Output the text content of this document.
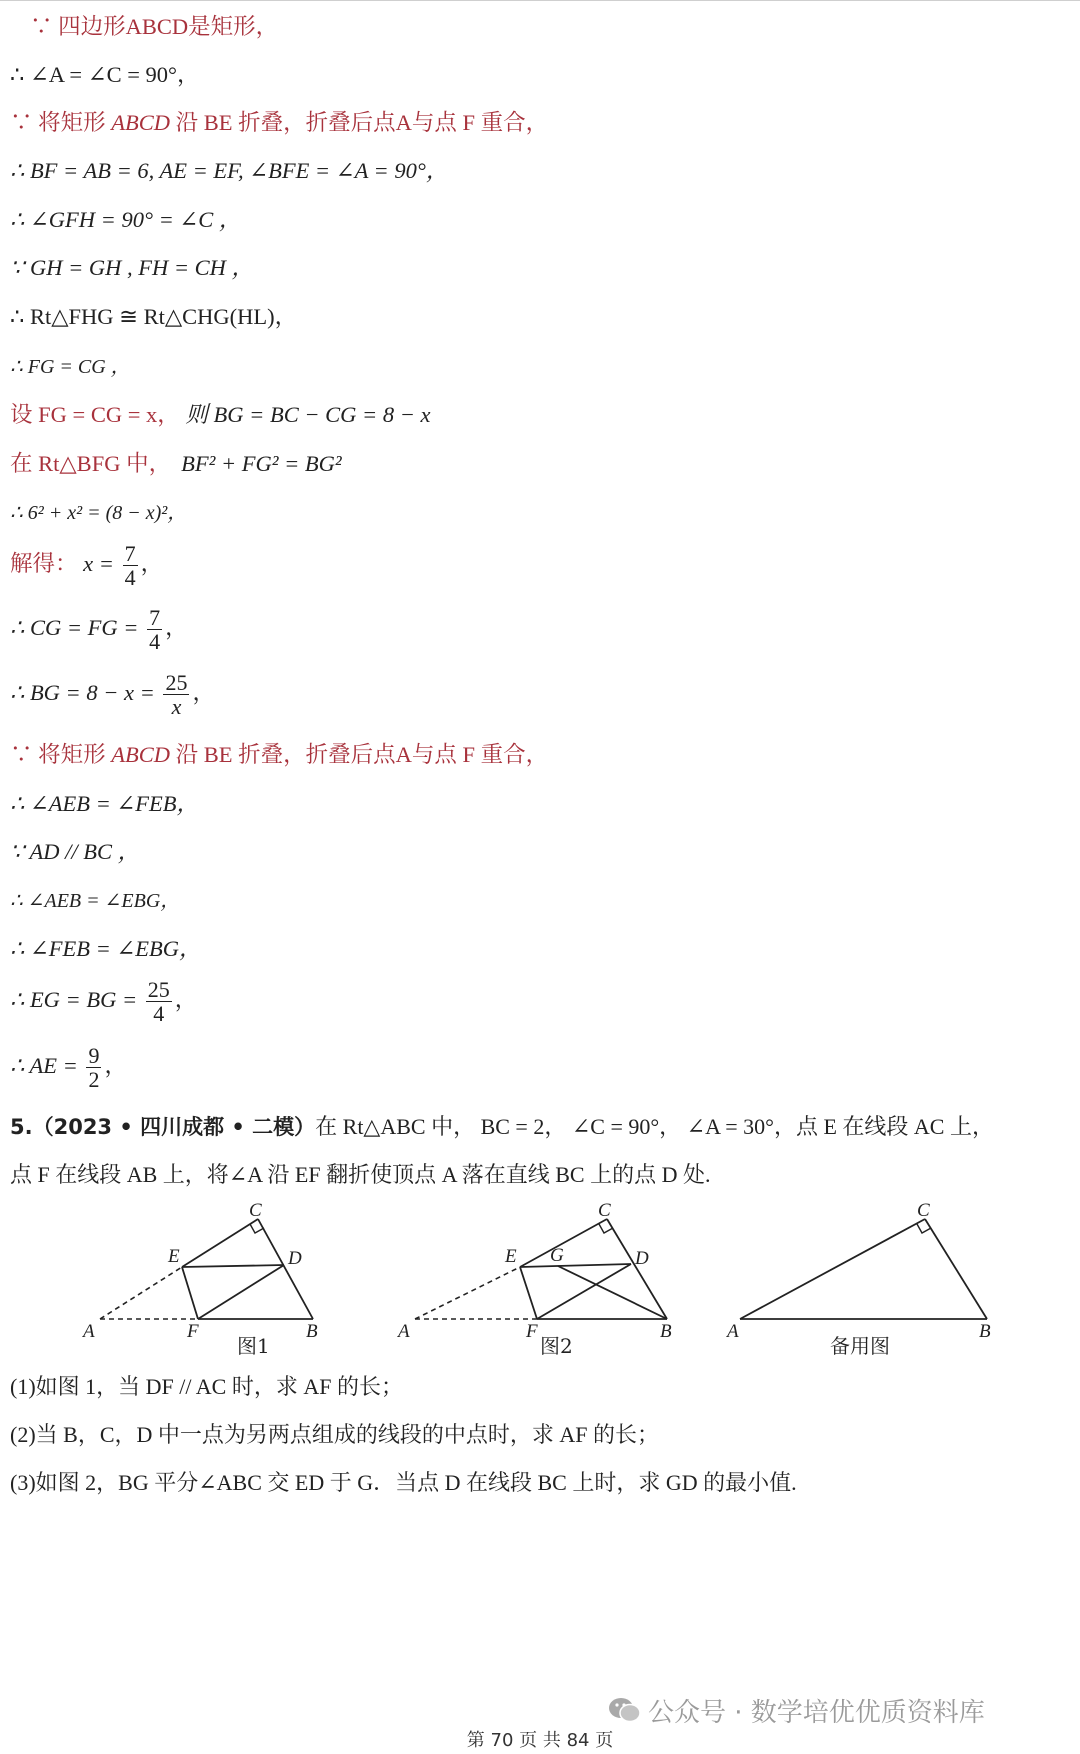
∵ 四边形ABCD是矩形，
∴ ∠A = ∠C = 90°，
∵ 将矩形 ABCD 沿 BE 折叠，折叠后点A与点 F 重合，
∴ BF = AB = 6, AE = EF, ∠BFE = ∠A = 90°，
∴ ∠GFH = 90° = ∠C ，
∵ GH = GH , FH = CH ，
∴ Rt△FHG ≅ Rt△CHG(HL)，
∴ FG = CG ，
设 FG = CG = x， 则 BG = BC − CG = 8 − x
在 Rt△BFG 中， BF² + FG² = BG²
∴ 6² + x² = (8 − x)²，
解得： $x = \frac{7}{4}$ ，
∴ CG = FG = $\frac{7}{4}$ ，
∴ BG = $8 - x = \frac{25}{x}$ ，
∵ 将矩形 ABCD 沿 BE 折叠，折叠后点A与点 F 重合，
∴ ∠AEB = ∠FEB，
∵ AD // BC ，
∴ ∠AEB = ∠EBG，
∴ ∠FEB = ∠EBG，
∴ EG = BG = $\frac{25}{4}$ ，
∴ AE = $\frac{9}{2}$ ，
5.（2023 • 四川成都 • 二模）在 Rt△ABC 中， BC = 2， ∠C = 90°， ∠A = 30°，点 E 在线段 AC 上，
点 F 在线段 AB 上，将∠A 沿 EF 翻折使顶点 A 落在直线 BC 上的点 D 处.
A	F	B
E	D
C
图1
A	F	B
E G	D
C
图2
A	B
C
备用图
(1)如图 1，当 DF // AC 时，求 AF 的长；
(2)当 B，C，D 中一点为另两点组成的线段的中点时，求 AF 的长；
(3)如图 2，BG 平分∠ABC 交 ED 于 G．当点 D 在线段 BC 上时，求 GD 的最小值.
公众号 · 数学培优优质资料库
第 70 页 共 84 页
